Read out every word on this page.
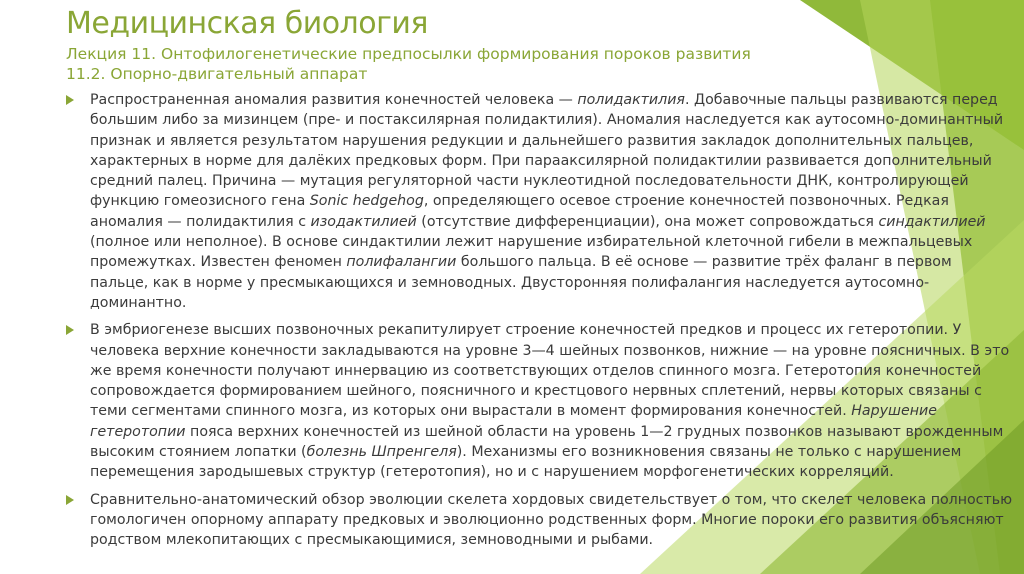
Медицинская биология
Лекция 11. Онтофилогенетические предпосылки формирования пороков развития
11.2. Опорно-двигательный аппарат
Распространенная аномалия развития конечностей человека — полидактилия. Добавочные пальцы развиваются перед большим либо за мизинцем (пре- и постаксилярная полидактилия). Аномалия наследуется как аутосомно-доминантный признак и является результатом нарушения редукции и дальнейшего развития закладок дополнительных пальцев, характерных в норме для далёких предковых форм. При парааксилярной полидактилии развивается дополнительный средний палец. Причина — мутация регуляторной части нуклеотидной последовательности ДНК, контролирующей функцию гомеозисного гена Sonic hedgehog, определяющего осевое строение конечностей позвоночных. Редкая аномалия — полидактилия с изодактилией (отсутствие дифференциации), она может сопровождаться синдактилией (полное или неполное). В основе синдактилии лежит нарушение избирательной клеточной гибели в межпальцевых промежутках. Известен феномен полифалангии большого пальца. В её основе — развитие трёх фаланг в первом пальце, как в норме у пресмыкающихся и земноводных. Двусторонняя полифалангия наследуется аутосомно-доминантно.
В эмбриогенезе высших позвоночных рекапитулирует строение конечностей предков и процесс их гетеротопии. У человека верхние конечности закладываются на уровне 3—4 шейных позвонков, нижние — на уровне поясничных. В это же время конечности получают иннервацию из соответствующих отделов спинного мозга. Гетеротопия конечностей сопровождается формированием шейного, поясничного и крестцового нервных сплетений, нервы которых связаны с теми сегментами спинного мозга, из которых они вырастали в момент формирования конечностей. Нарушение гетеротопии пояса верхних конечностей из шейной области на уровень 1—2 грудных позвонков называют врожденным высоким стоянием лопатки (болезнь Шпренгеля). Механизмы его возникновения связаны не только с нарушением перемещения зародышевых структур (гетеротопия), но и с нарушением морфогенетических корреляций.
Сравнительно-анатомический обзор эволюции скелета хордовых свидетельствует о том, что скелет человека полностью гомологичен опорному аппарату предковых и эволюционно родственных форм. Многие пороки его развития объясняют родством млекопитающих с пресмыкающимися, земноводными и рыбами.
